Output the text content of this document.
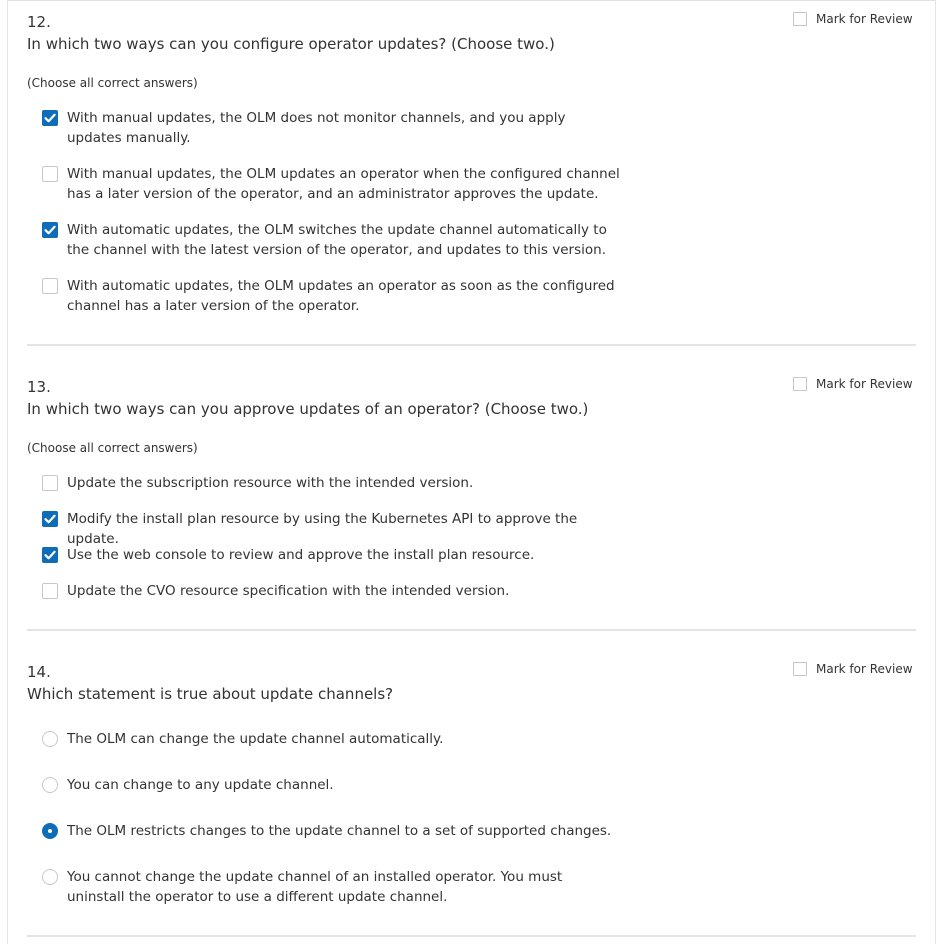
12.
In which two ways can you configure operator updates? (Choose two.)
(Choose all correct answers)
Mark for Review
With manual updates, the OLM does not monitor channels, and you apply updates manually.
With manual updates, the OLM updates an operator when the configured channel has a later version of the operator, and an administrator approves the update.
With automatic updates, the OLM switches the update channel automatically to the channel with the latest version of the operator, and updates to this version.
With automatic updates, the OLM updates an operator as soon as the configured channel has a later version of the operator.
13.
In which two ways can you approve updates of an operator? (Choose two.)
(Choose all correct answers)
Mark for Review
Update the subscription resource with the intended version.
Modify the install plan resource by using the Kubernetes API to approve the update.
Use the web console to review and approve the install plan resource.
Update the CVO resource specification with the intended version.
14.
Which statement is true about update channels?
Mark for Review
The OLM can change the update channel automatically.
You can change to any update channel.
The OLM restricts changes to the update channel to a set of supported changes.
You cannot change the update channel of an installed operator. You must uninstall the operator to use a different update channel.
